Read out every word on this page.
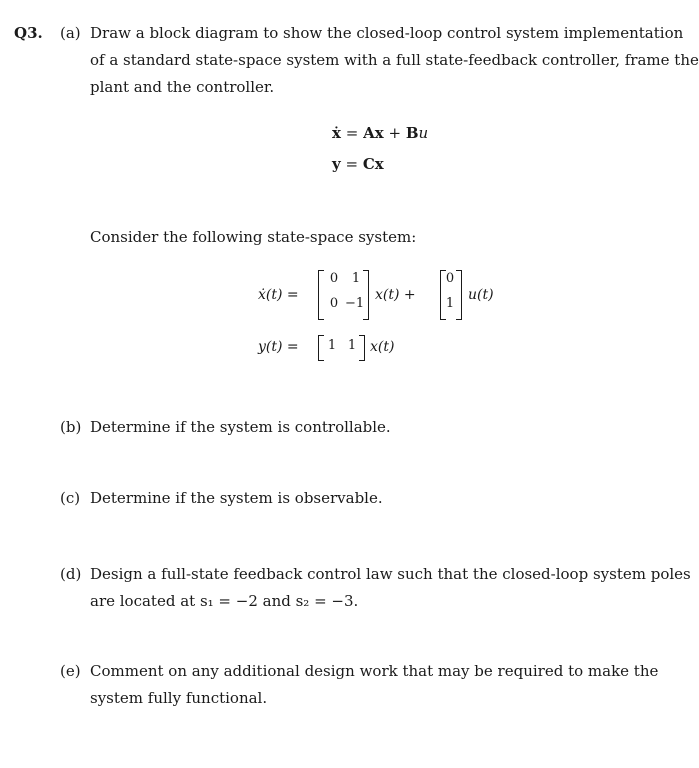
Q3. (a) Draw a block diagram to show the closed-loop control system implementation
of a standard state-space system with a full state-feedback controller, frame the
plant and the controller.
ẋ = Ax + Bu
y = Cx
Consider the following state-space system:
ẋ(t) =
0	1
0 −1
x(t) +
0
1
u(t)
y(t) =	1 1 x(t)
(b) Determine if the system is controllable.
(c) Determine if the system is observable.
(d) Design a full-state feedback control law such that the closed-loop system poles
are located at s₁ = −2 and s₂ = −3.
(e) Comment on any additional design work that may be required to make the
system fully functional.
